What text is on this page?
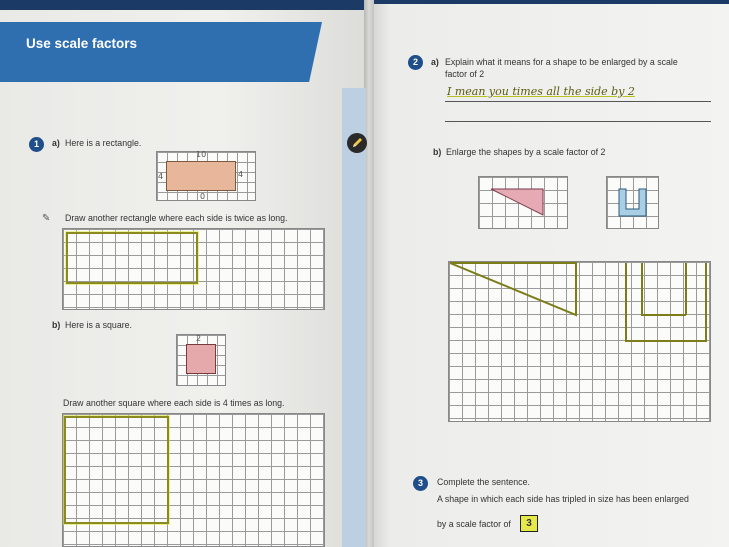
Use scale factors
1	a) Here is a rectangle.
10
4	4
0
✎ Draw another rectangle where each side is twice as long.
b) Here is a square.
2
Draw another square where each side is 4 times as long.
2	a) Explain what it means for a shape to be enlarged by a scale
factor of 2
I mean you times all the side by 2
b) Enlarge the shapes by a scale factor of 2
3	Complete the sentence.
A shape in which each side has tripled in size has been enlarged
by a scale factor of	3
